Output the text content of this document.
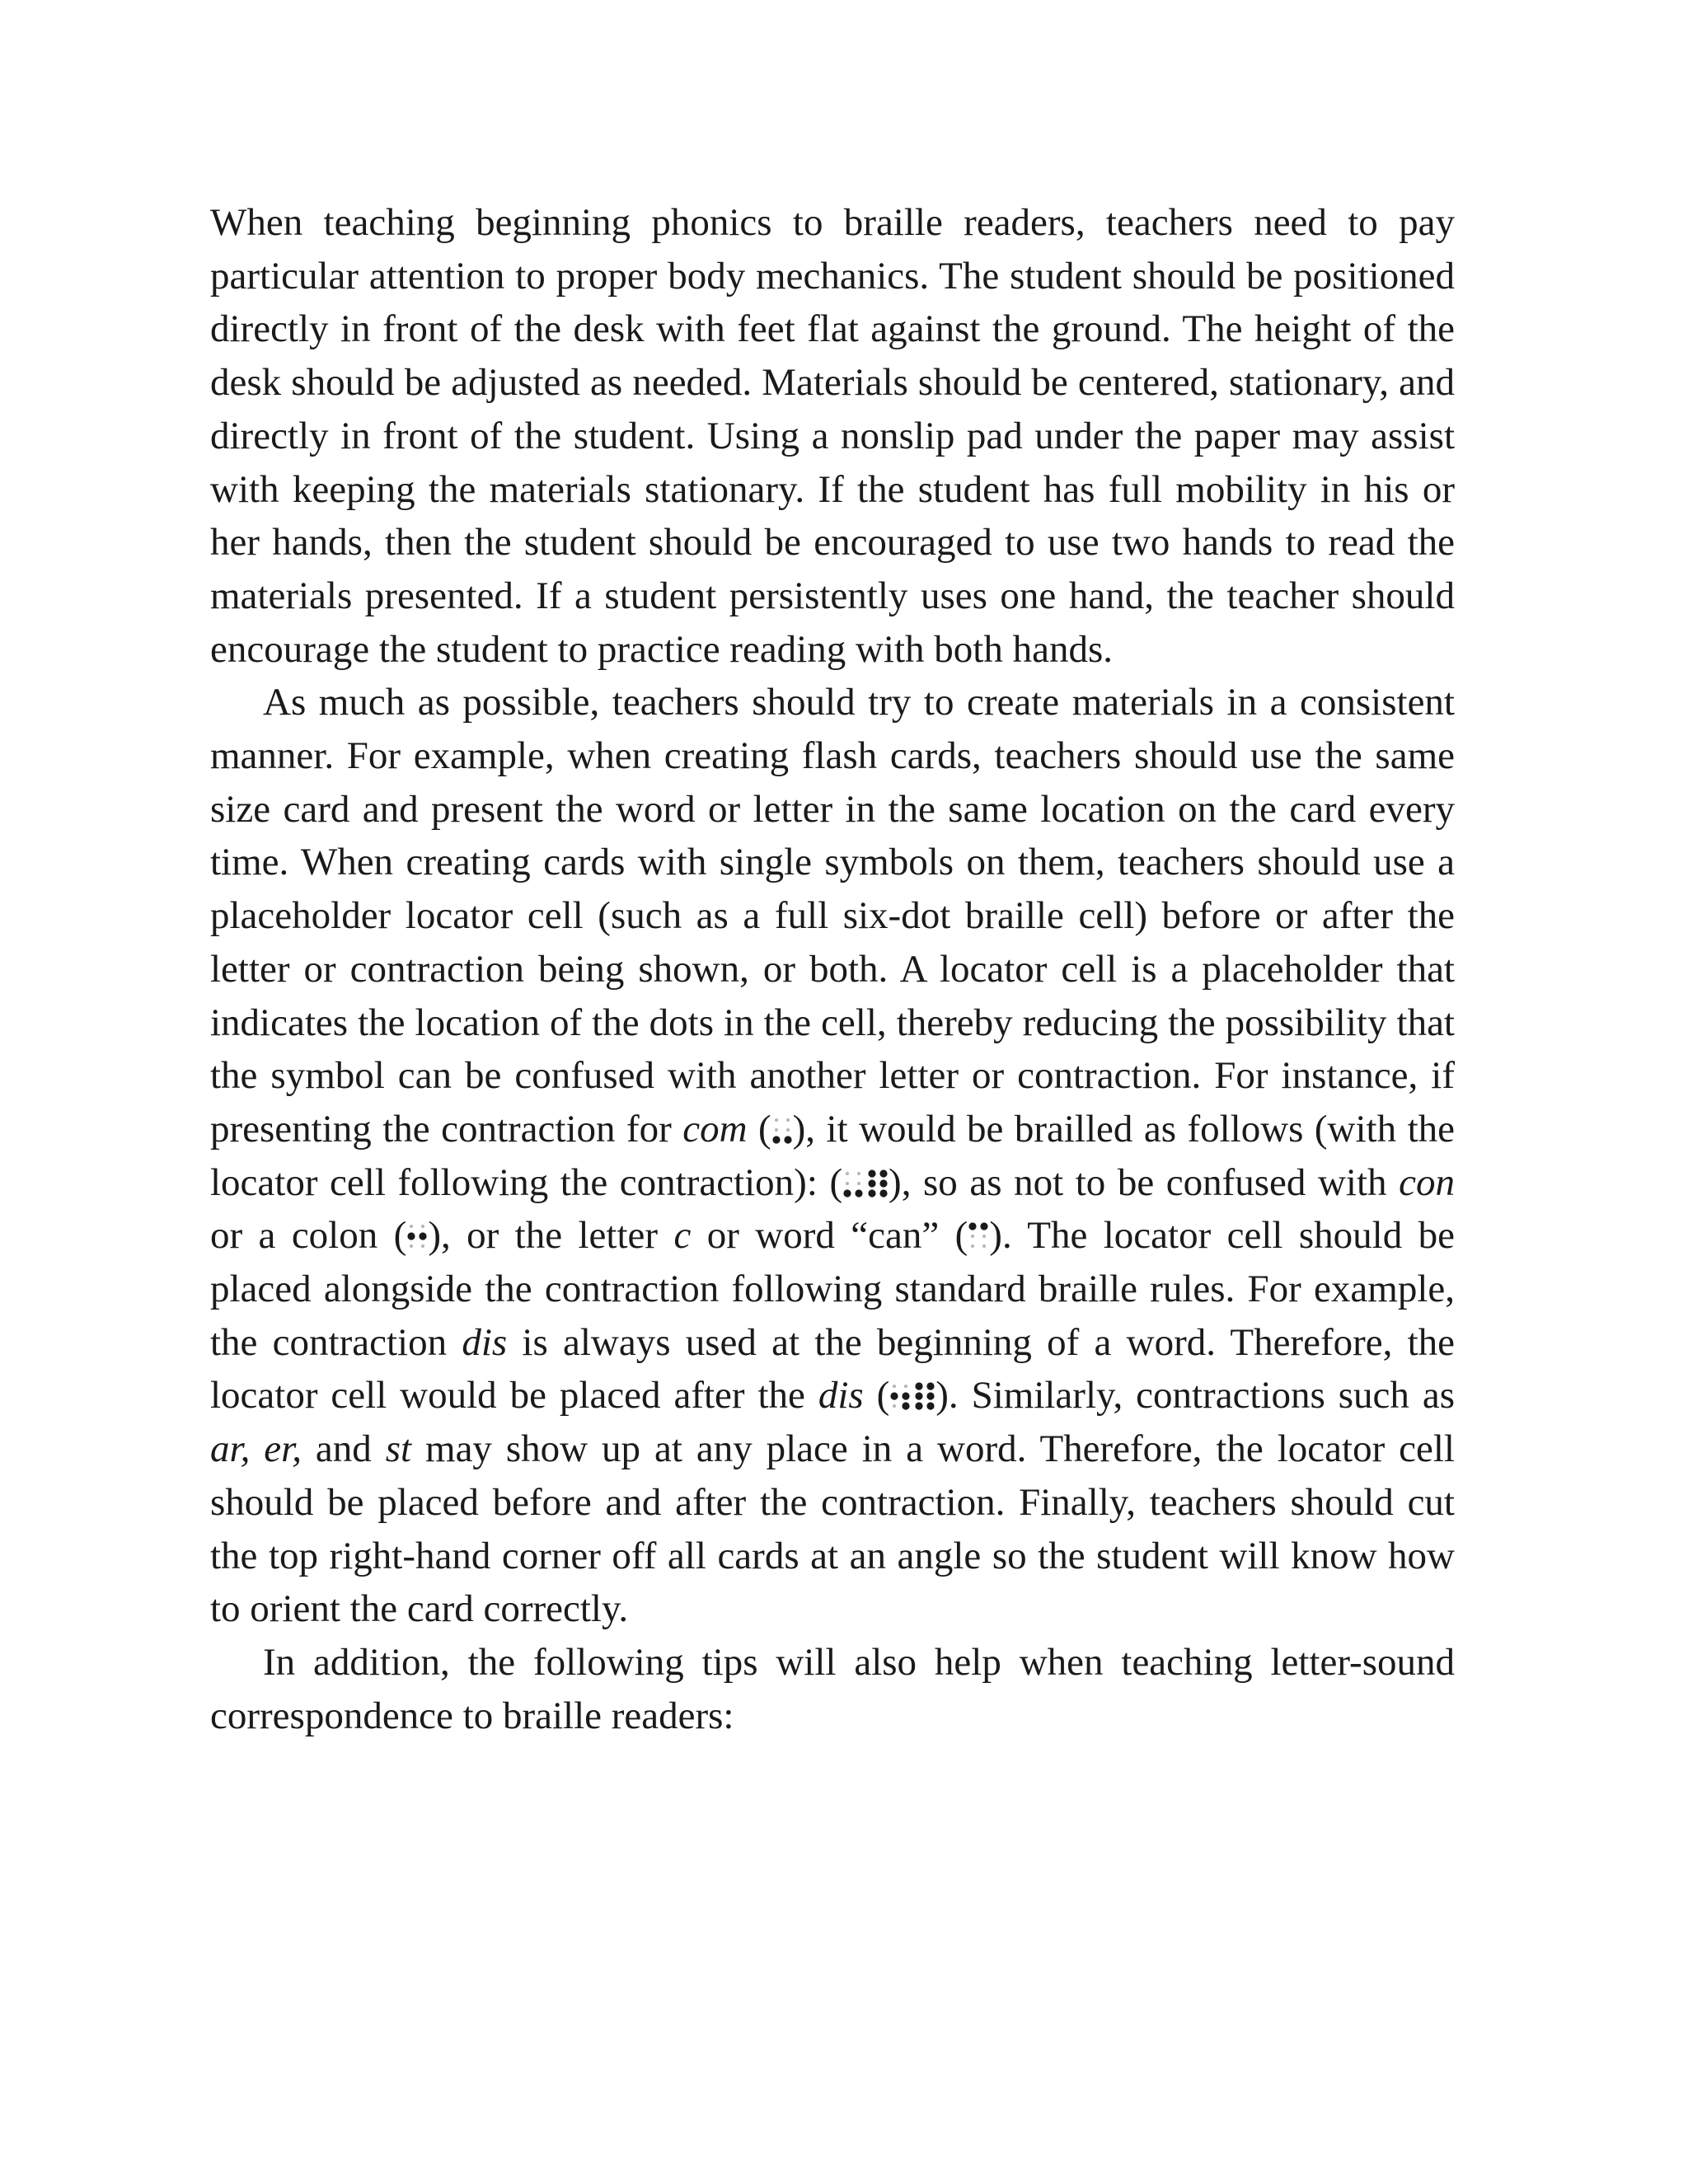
When teaching beginning phonics to braille readers, teachers need to pay particular attention to proper body mechanics. The student should be positioned directly in front of the desk with feet flat against the ground. The height of the desk should be adjusted as needed. Materials should be centered, stationary, and directly in front of the student. Using a nonslip pad under the paper may assist with keeping the materials stationary. If the student has full mobility in his or her hands, then the student should be encouraged to use two hands to read the materials presented. If a student persistently uses one hand, the teacher should encourage the student to practice reading with both hands.

As much as possible, teachers should try to create materials in a consistent manner. For example, when creating flash cards, teachers should use the same size card and present the word or letter in the same location on the card every time. When creating cards with single symbols on them, teachers should use a placeholder locator cell (such as a full six-dot braille cell) before or after the letter or contraction being shown, or both. A locator cell is a placeholder that indicates the location of the dots in the cell, thereby reducing the possibility that the symbol can be confused with another letter or contraction. For instance, if presenting the contraction for com ( ), it would be brailled as follows (with the locator cell following the contraction): (
  ), so as not to be confused with con or a colon ( ), or the letter c or word “can” ( ). The locator cell should be placed alongside the contraction following standard braille rules. For example, the contraction dis is always used at the beginning of a word. Therefore, the locator cell would be placed after the dis (
  ). Similarly, contractions such as ar, er, and st may show up at any place in a word. Therefore, the locator cell should be placed before and after the contraction. Finally, teachers should cut the top right-hand corner off all cards at an angle so the student will know how to orient the card correctly.

In addition, the following tips will also help when teaching letter-sound correspondence to braille readers:
